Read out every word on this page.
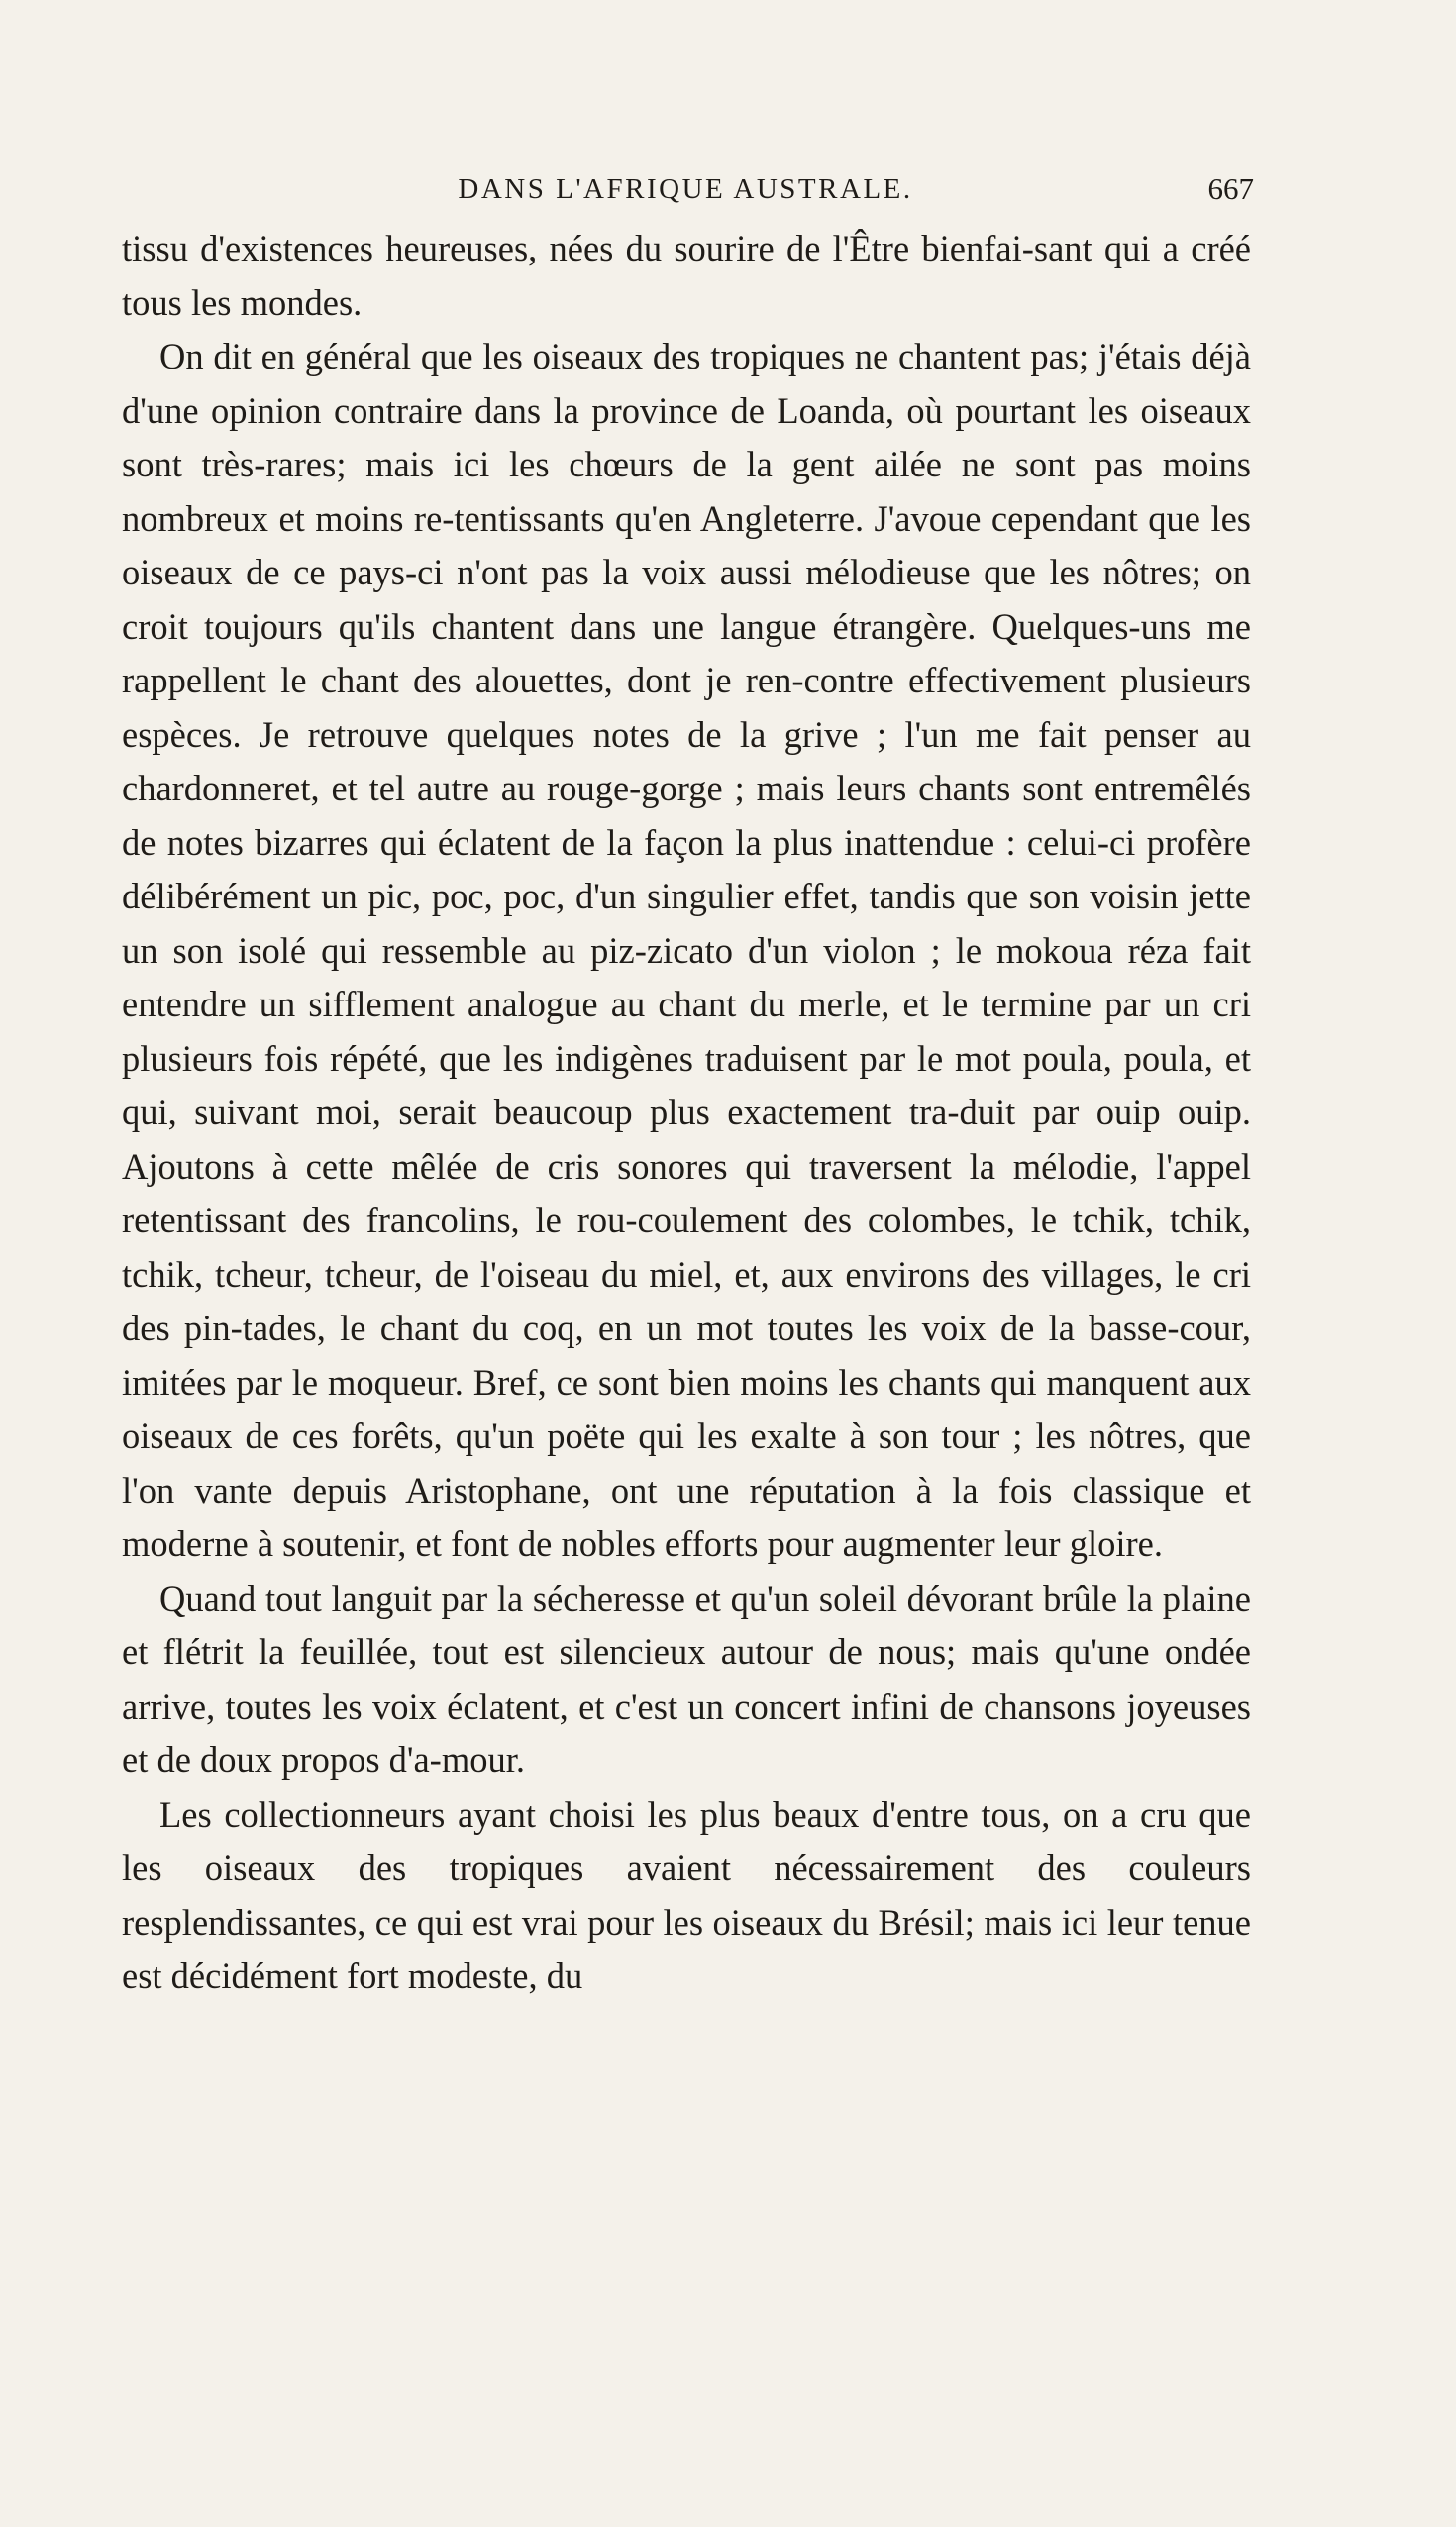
DANS L'AFRIQUE AUSTRALE.	667

tissu d'existences heureuses, nées du sourire de l'Être bienfai-sant qui a créé tous les mondes.

On dit en général que les oiseaux des tropiques ne chantent pas; j'étais déjà d'une opinion contraire dans la province de Loanda, où pourtant les oiseaux sont très-rares; mais ici les chœurs de la gent ailée ne sont pas moins nombreux et moins re-tentissants qu'en Angleterre. J'avoue cependant que les oiseaux de ce pays-ci n'ont pas la voix aussi mélodieuse que les nôtres; on croit toujours qu'ils chantent dans une langue étrangère. Quelques-uns me rappellent le chant des alouettes, dont je ren-contre effectivement plusieurs espèces. Je retrouve quelques notes de la grive ; l'un me fait penser au chardonneret, et tel autre au rouge-gorge ; mais leurs chants sont entremêlés de notes bizarres qui éclatent de la façon la plus inattendue : celui-ci profère délibérément un pic, poc, poc, d'un singulier effet, tandis que son voisin jette un son isolé qui ressemble au piz-zicato d'un violon ; le mokoua réza fait entendre un sifflement analogue au chant du merle, et le termine par un cri plusieurs fois répété, que les indigènes traduisent par le mot poula, poula, et qui, suivant moi, serait beaucoup plus exactement tra-duit par ouip ouip. Ajoutons à cette mêlée de cris sonores qui traversent la mélodie, l'appel retentissant des francolins, le rou-coulement des colombes, le tchik, tchik, tchik, tcheur, tcheur, de l'oiseau du miel, et, aux environs des villages, le cri des pin-tades, le chant du coq, en un mot toutes les voix de la basse-cour, imitées par le moqueur. Bref, ce sont bien moins les chants qui manquent aux oiseaux de ces forêts, qu'un poëte qui les exalte à son tour ; les nôtres, que l'on vante depuis Aristophane, ont une réputation à la fois classique et moderne à soutenir, et font de nobles efforts pour augmenter leur gloire.

Quand tout languit par la sécheresse et qu'un soleil dévorant brûle la plaine et flétrit la feuillée, tout est silencieux autour de nous; mais qu'une ondée arrive, toutes les voix éclatent, et c'est un concert infini de chansons joyeuses et de doux propos d'a-mour.

Les collectionneurs ayant choisi les plus beaux d'entre tous, on a cru que les oiseaux des tropiques avaient nécessairement des couleurs resplendissantes, ce qui est vrai pour les oiseaux du Brésil; mais ici leur tenue est décidément fort modeste, du
